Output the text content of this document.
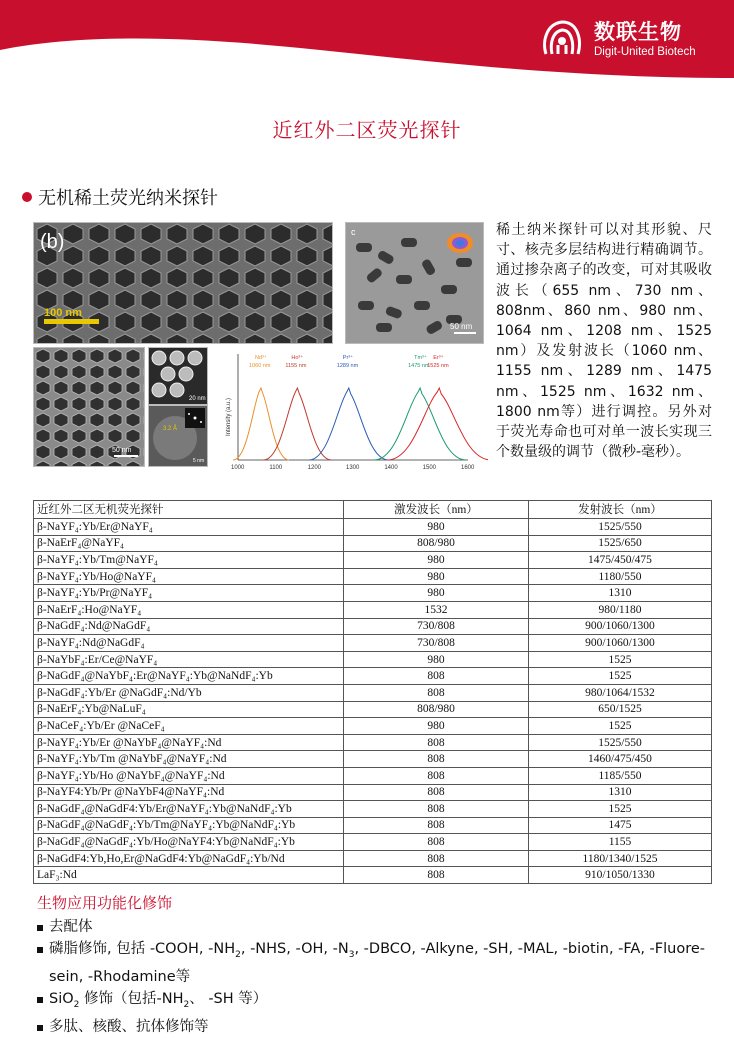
数联生物
Digit-United Biotech
近红外二区荧光探针
无机稀土荧光纳米探针
100 nm
(b)
50 nm
c
50 nm
20 nm
3.2 Å
5 nm
Intensity (a.u.)
1000	1100	1200	1300	1400	1500	1600
Nd³⁺
1060 nm
Ho³⁺
1155 nm
Pr³⁺
1289 nm
Tm³⁺
1475 nm
Er³⁺
1525 nm
稀土纳米探针可以对其形貌、尺寸、核壳多层结构进行精确调节。通过掺杂离子的改变，可对其吸收波长（655 nm、730 nm、808nm、860 nm、980 nm、1064 nm、1208 nm、1525 nm）及发射波长（1060 nm、1155 nm、1289 nm、1475 nm、1525 nm、1632 nm、1800 nm等）进行调控。另外对于荧光寿命也可对单一波长实现三个数量级的调节（微秒-毫秒）。
近红外二区无机荧光探针	激发波长（nm）	发射波长（nm）
β-NaYF₄:Yb/Er@NaYF₄	980	1525/550
β-NaErF₄@NaYF₄	808/980	1525/650
β-NaYF₄:Yb/Tm@NaYF₄	980	1475/450/475
β-NaYF₄:Yb/Ho@NaYF₄	980	1180/550
β-NaYF₄:Yb/Pr@NaYF₄	980	1310
β-NaErF₄:Ho@NaYF₄	1532	980/1180
β-NaGdF₄:Nd@NaGdF₄	730/808	900/1060/1300
β-NaYF₄:Nd@NaGdF₄	730/808	900/1060/1300
β-NaYbF₄:Er/Ce@NaYF₄	980	1525
β-NaGdF₄@NaYbF₄:Er@NaYF₄:Yb@NaNdF₄:Yb	808	1525
β-NaGdF₄:Yb/Er @NaGdF₄:Nd/Yb	808	980/1064/1532
β-NaErF₄:Yb@NaLuF₄	808/980	650/1525
β-NaCeF₄:Yb/Er @NaCeF₄	980	1525
β-NaYF₄:Yb/Er @NaYbF₄@NaYF₄:Nd	808	1525/550
β-NaYF₄:Yb/Tm @NaYbF₄@NaYF₄:Nd	808	1460/475/450
β-NaYF₄:Yb/Ho @NaYbF₄@NaYF₄:Nd	808	1185/550
β-NaYF4:Yb/Pr @NaYbF4@NaYF₄:Nd	808	1310
β-NaGdF₄@NaGdF4:Yb/Er@NaYF₄:Yb@NaNdF₄:Yb	808	1525
β-NaGdF₄@NaGdF₄:Yb/Tm@NaYF₄:Yb@NaNdF₄:Yb	808	1475
β-NaGdF₄@NaGdF₄:Yb/Ho@NaYF4:Yb@NaNdF₄:Yb	808	1155
β-NaGdF4:Yb,Ho,Er@NaGdF4:Yb@NaGdF₄:Yb/Nd	808	1180/1340/1525
LaF₃:Nd	808	910/1050/1330
生物应用功能化修饰
去配体
磷脂修饰, 包括 -COOH, $-NH_2$, -NHS, -OH, $-N_3$, -DBCO, -Alkyne, -SH, -MAL, -biotin, -FA, -Fluore-sein, -Rhodamine等
SiO$_2$ 修饰（包括$-NH_2$、 -SH 等）
多肽、核酸、抗体修饰等
